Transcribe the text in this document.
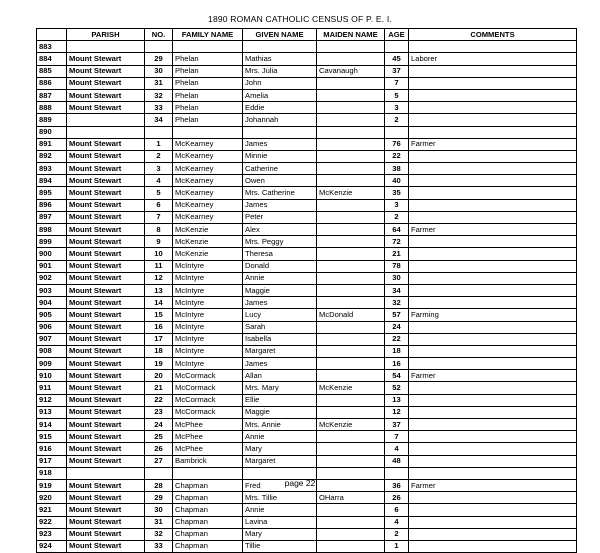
1890 ROMAN CATHOLIC CENSUS OF P. E. I.
	PARISH	NO.	FAMILY NAME	GIVEN NAME	MAIDEN NAME	AGE	COMMENTS
883							
884	Mount Stewart	29	Phelan	Mathias		45	Laborer
885	Mount Stewart	30	Phelan	Mrs. Julia	Cavanaugh	37	
886	Mount Stewart	31	Phelan	John		7	
887	Mount Stewart	32	Phelan	Amelia		5	
888	Mount Stewart	33	Phelan	Eddie		3	
889		34	Phelan	Johannah		2	
890							
891	Mount Stewart	1	McKearney	James		76	Farmer
892	Mount Stewart	2	McKearney	Minnie		22	
893	Mount Stewart	3	McKearney	Catherine		38	
894	Mount Stewart	4	McKearney	Owen		40	
895	Mount Stewart	5	McKearney	Mrs. Catherine	McKenzie	35	
896	Mount Stewart	6	McKearney	James		3	
897	Mount Stewart	7	McKearney	Peter		2	
898	Mount Stewart	8	McKenzie	Alex		64	Farmer
899	Mount Stewart	9	McKenzie	Mrs. Peggy		72	
900	Mount Stewart	10	McKenzie	Theresa		21	
901	Mount Stewart	11	McIntyre	Donald		78	
902	Mount Stewart	12	McIntyre	Annie		30	
903	Mount Stewart	13	McIntyre	Maggie		34	
904	Mount Stewart	14	McIntyre	James		32	
905	Mount Stewart	15	McIntyre	Lucy	McDonald	57	Farming
906	Mount Stewart	16	McIntyre	Sarah		24	
907	Mount Stewart	17	McIntyre	Isabella		22	
908	Mount Stewart	18	McIntyre	Margaret		18	
909	Mount Stewart	19	McIntyre	James		16	
910	Mount Stewart	20	McCormack	Allan		54	Farmer
911	Mount Stewart	21	McCormack	Mrs. Mary	McKenzie	52	
912	Mount Stewart	22	McCormack	Ellie		13	
913	Mount Stewart	23	McCormack	Maggie		12	
914	Mount Stewart	24	McPhee	Mrs. Annie	McKenzie	37	
915	Mount Stewart	25	McPhee	Annie		7	
916	Mount Stewart	26	McPhee	Mary		4	
917	Mount Stewart	27	Bambrick	Margaret		48	
918							
919	Mount Stewart	28	Chapman	Fred		36	Farmer
920	Mount Stewart	29	Chapman	Mrs. Tillie	OHarra	26	
921	Mount Stewart	30	Chapman	Annie		6	
922	Mount Stewart	31	Chapman	Lavina		4	
923	Mount Stewart	32	Chapman	Mary		2	
924	Mount Stewart	33	Chapman	Tillie		1	
page 22
